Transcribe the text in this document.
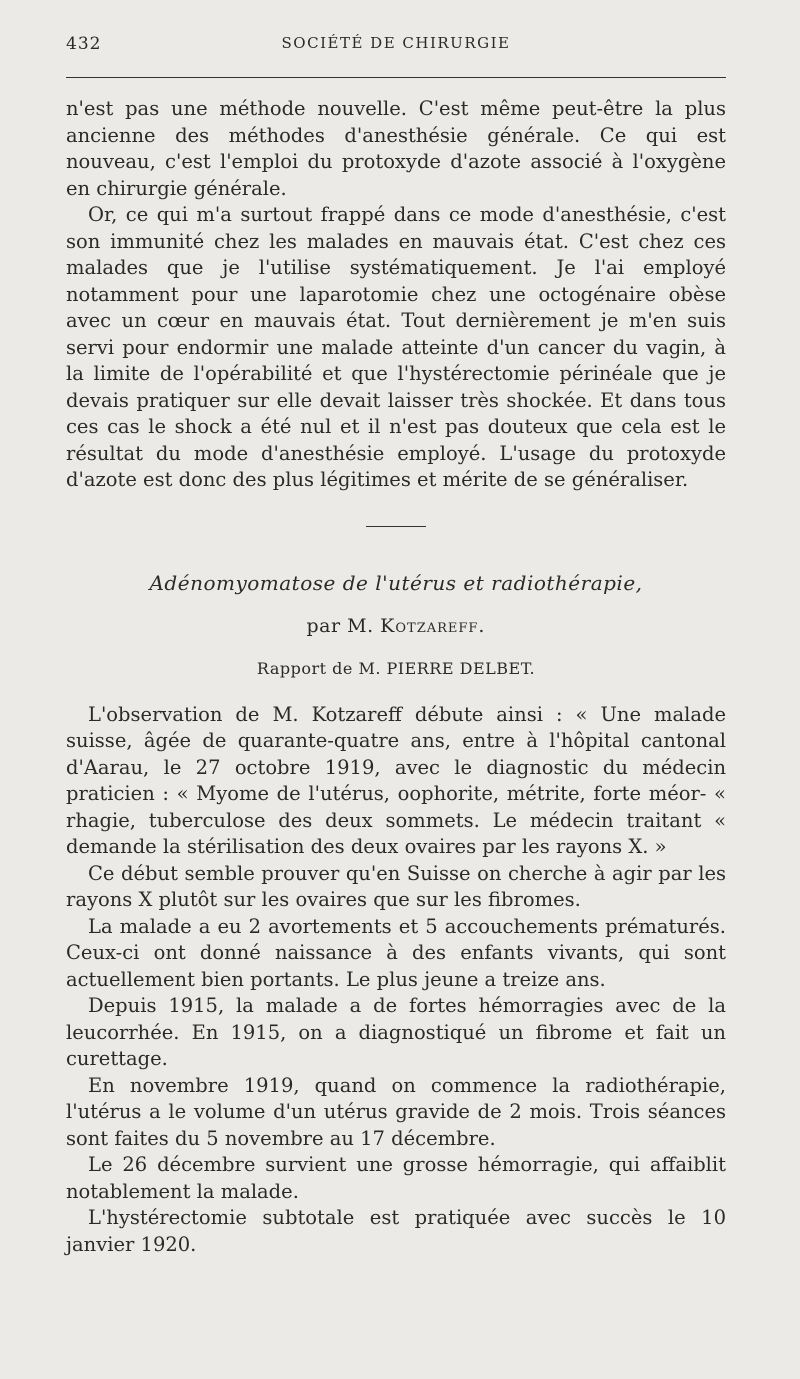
432	SOCIÉTÉ DE CHIRURGIE

n'est pas une méthode nouvelle. C'est même peut-être la plus ancienne des méthodes d'anesthésie générale. Ce qui est nouveau, c'est l'emploi du protoxyde d'azote associé à l'oxygène en chirurgie générale.

Or, ce qui m'a surtout frappé dans ce mode d'anesthésie, c'est son immunité chez les malades en mauvais état. C'est chez ces malades que je l'utilise systématiquement. Je l'ai employé notamment pour une laparotomie chez une octogénaire obèse avec un cœur en mauvais état. Tout dernièrement je m'en suis servi pour endormir une malade atteinte d'un cancer du vagin, à la limite de l'opérabilité et que l'hystérectomie périnéale que je devais pratiquer sur elle devait laisser très shockée. Et dans tous ces cas le shock a été nul et il n'est pas douteux que cela est le résultat du mode d'anesthésie employé. L'usage du protoxyde d'azote est donc des plus légitimes et mérite de se généraliser.

Adénomyomatose de l'utérus et radiothérapie,
par M. Kotzareff.
Rapport de M. PIERRE DELBET.

L'observation de M. Kotzareff débute ainsi : « Une malade suisse, âgée de quarante-quatre ans, entre à l'hôpital cantonal d'Aarau, le 27 octobre 1919, avec le diagnostic du médecin praticien : « Myome de l'utérus, oophorite, métrite, forte méor- « rhagie, tuberculose des deux sommets. Le médecin traitant « demande la stérilisation des deux ovaires par les rayons X. »

Ce début semble prouver qu'en Suisse on cherche à agir par les rayons X plutôt sur les ovaires que sur les fibromes.

La malade a eu 2 avortements et 5 accouchements prématurés. Ceux-ci ont donné naissance à des enfants vivants, qui sont actuellement bien portants. Le plus jeune a treize ans.

Depuis 1915, la malade a de fortes hémorragies avec de la leucorrhée. En 1915, on a diagnostiqué un fibrome et fait un curettage.

En novembre 1919, quand on commence la radiothérapie, l'utérus a le volume d'un utérus gravide de 2 mois. Trois séances sont faites du 5 novembre au 17 décembre.

Le 26 décembre survient une grosse hémorragie, qui affaiblit notablement la malade.

L'hystérectomie subtotale est pratiquée avec succès le 10 janvier 1920.
